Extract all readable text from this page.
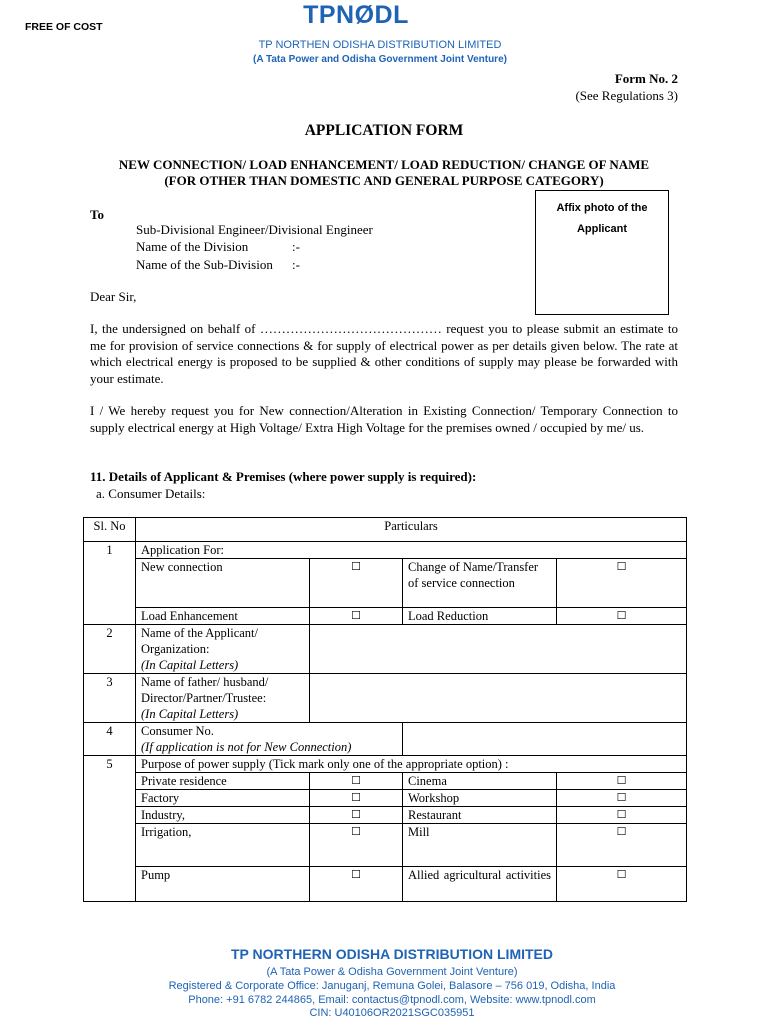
FREE OF COST	TPNØDL
TP NORTHEN ODISHA DISTRIBUTION LIMITED
(A Tata Power and Odisha Government Joint Venture)
Form No. 2
(See Regulations 3)
APPLICATION FORM
NEW CONNECTION/ LOAD ENHANCEMENT/ LOAD REDUCTION/ CHANGE OF NAME
(FOR OTHER THAN DOMESTIC AND GENERAL PURPOSE CATEGORY)
Affix photo of the
Applicant
To
Sub-Divisional Engineer/Divisional Engineer
Name of the Division	:-
Name of the Sub-Division :-
Dear Sir,
I, the undersigned on behalf of …………………………………… request you to please submit an estimate to me for provision of service connections & for supply of electrical power as per details given below. The rate at which electrical energy is proposed to be supplied & other conditions of supply may please be forwarded with your estimate.
I / We hereby request you for New connection/Alteration in Existing Connection/ Temporary Connection to supply electrical energy at High Voltage/ Extra High Voltage for the premises owned / occupied by me/ us.
11. Details of Applicant & Premises (where power supply is required):
a. Consumer Details:
Sl. No	Particulars			
1	Application For:			
	New connection	☐	Change of Name/Transfer of service connection	☐
	Load Enhancement	☐	Load Reduction	☐
2	Name of the Applicant/ Organization:
(In Capital Letters)			
3	Name of father/ husband/ Director/Partner/Trustee:
(In Capital Letters)			
4	Consumer No.
(If application is not for New Connection)			
5	Purpose of power supply (Tick mark only one of the appropriate option) :			
	Private residence	☐	Cinema	☐
	Factory	☐	Workshop	☐
	Industry,	☐	Restaurant	☐
	Irrigation,	☐	Mill	☐
	Pump	☐	Allied agricultural activities	☐
TP NORTHERN ODISHA DISTRIBUTION LIMITED
(A Tata Power & Odisha Government Joint Venture)
Registered & Corporate Office: Januganj, Remuna Golei, Balasore – 756 019, Odisha, India
Phone: +91 6782 244865, Email: contactus@tpnodl.com, Website: www.tpnodl.com
CIN: U40106OR2021SGC035951
